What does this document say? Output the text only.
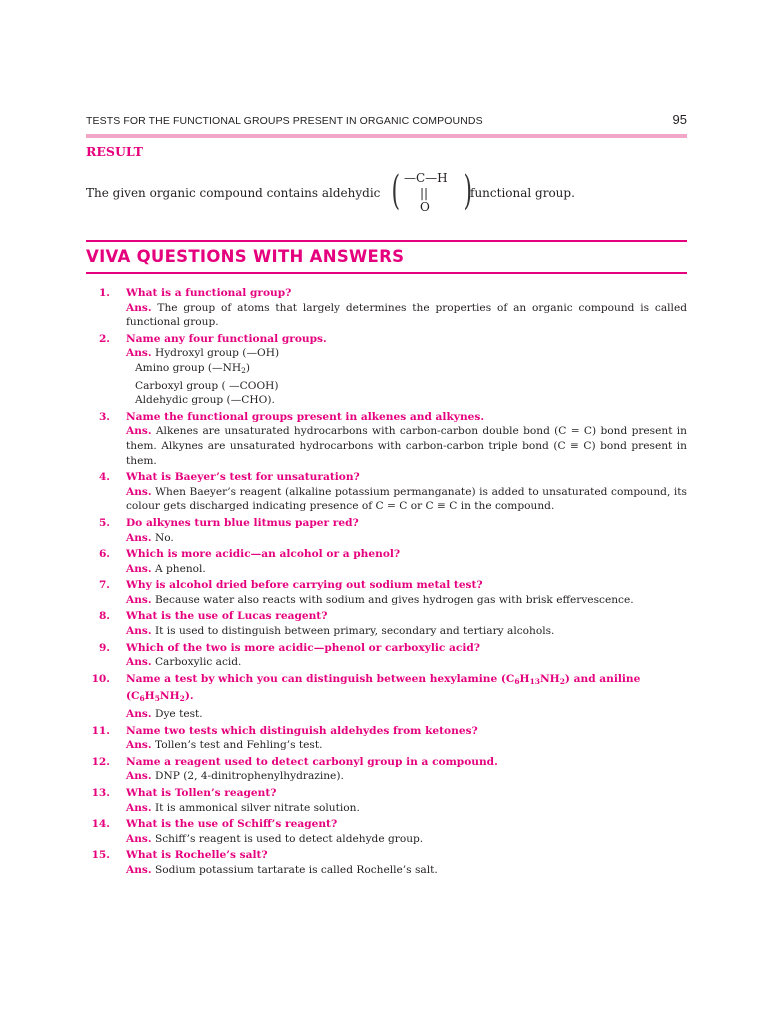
TESTS FOR THE FUNCTIONAL GROUPS PRESENT IN ORGANIC COMPOUNDS	95
RESULT
The given organic compound contains aldehydic ( —C—H
||
O )
functional group.
VIVA QUESTIONS WITH ANSWERS
1. What is a functional group?
Ans. The group of atoms that largely determines the properties of an organic compound is called functional group.
2. Name any four functional groups.
Ans. Hydroxyl group (—OH)
Amino group $(—NH_2)$
Carboxyl group ( —COOH)
Aldehydic group (—CHO).
3. Name the functional groups present in alkenes and alkynes.
Ans. Alkenes are unsaturated hydrocarbons with carbon-carbon double bond (C = C) bond present in them. Alkynes are unsaturated hydrocarbons with carbon-carbon triple bond (C ≡ C) bond present in them.
4. What is Baeyer’s test for unsaturation?
Ans. When Baeyer’s reagent (alkaline potassium permanganate) is added to unsaturated compound, its colour gets discharged indicating presence of C = C or C ≡ C in the compound.
5. Do alkynes turn blue litmus paper red?
Ans. No.
6. Which is more acidic—an alcohol or a phenol?
Ans. A phenol.
7. Why is alcohol dried before carrying out sodium metal test?
Ans. Because water also reacts with sodium and gives hydrogen gas with brisk effervescence.
8. What is the use of Lucas reagent?
Ans. It is used to distinguish between primary, secondary and tertiary alcohols.
9. Which of the two is more acidic—phenol or carboxylic acid?
Ans. Carboxylic acid.
10. Name a test by which you can distinguish between hexylamine $(C_6H_{13}NH_2)$ and aniline $(C_6H_5NH_2)$.
Ans. Dye test.
11. Name two tests which distinguish aldehydes from ketones?
Ans. Tollen’s test and Fehling’s test.
12. Name a reagent used to detect carbonyl group in a compound.
Ans. DNP (2, 4-dinitrophenylhydrazine).
13. What is Tollen’s reagent?
Ans. It is ammonical silver nitrate solution.
14. What is the use of Schiff’s reagent?
Ans. Schiff’s reagent is used to detect aldehyde group.
15. What is Rochelle’s salt?
Ans. Sodium potassium tartarate is called Rochelle’s salt.
